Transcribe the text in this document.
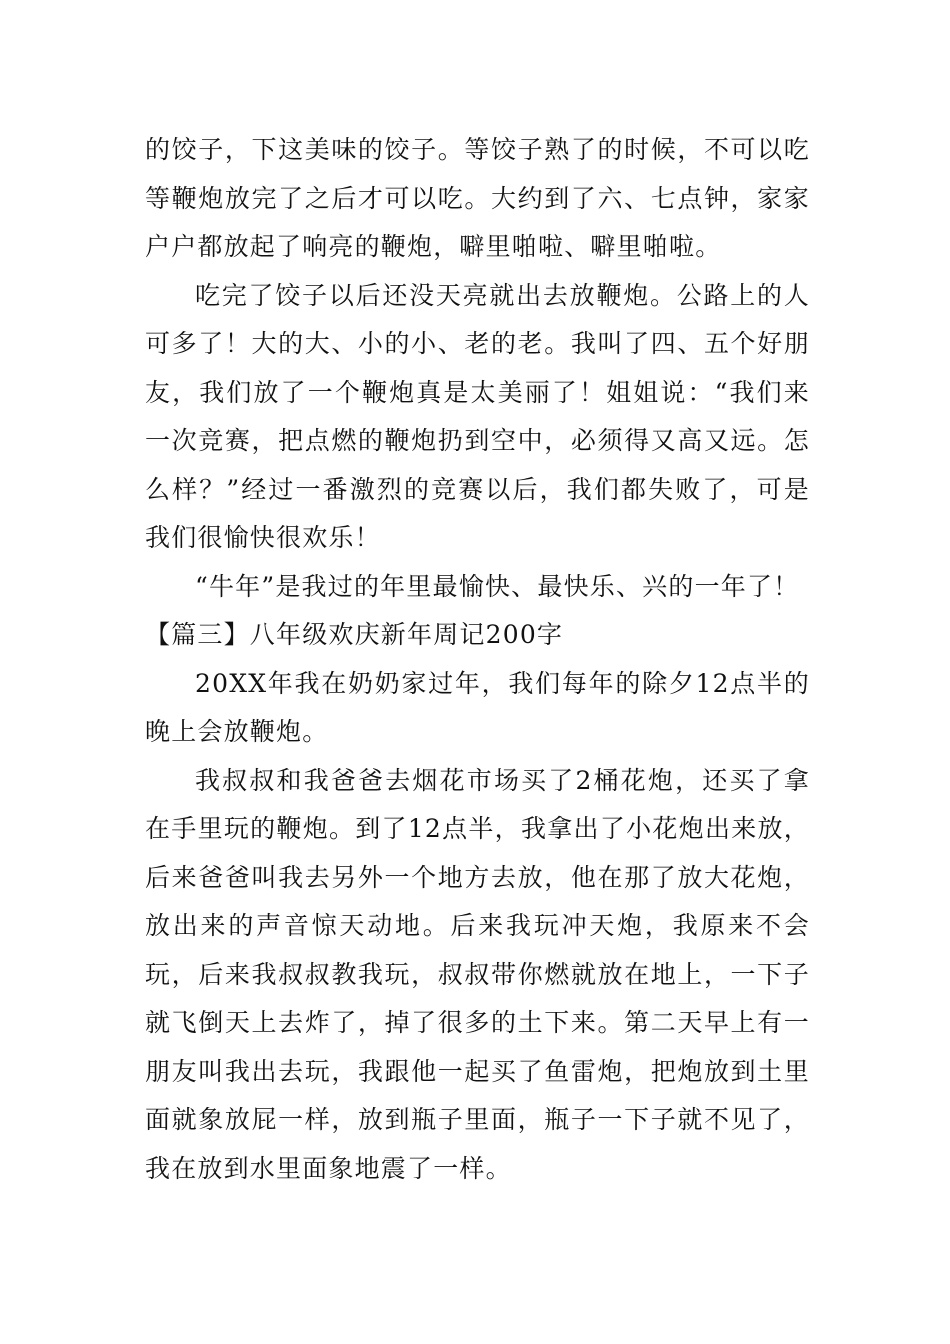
的饺子，下这美味的饺子。等饺子熟了的时候，不可以吃等鞭炮放完了之后才可以吃。大约到了六、七点钟，家家户户都放起了响亮的鞭炮，噼里啪啦、噼里啪啦。

吃完了饺子以后还没天亮就出去放鞭炮。公路上的人可多了！大的大、小的小、老的老。我叫了四、五个好朋友，我们放了一个鞭炮真是太美丽了！姐姐说：“我们来一次竞赛，把点燃的鞭炮扔到空中，必须得又高又远。怎么样？”经过一番激烈的竞赛以后，我们都失败了，可是我们很愉快很欢乐！

“牛年”是我过的年里最愉快、最快乐、兴的一年了！

【篇三】八年级欢庆新年周记200字

20XX年我在奶奶家过年，我们每年的除夕12点半的晚上会放鞭炮。

我叔叔和我爸爸去烟花市场买了2桶花炮，还买了拿在手里玩的鞭炮。到了12点半，我拿出了小花炮出来放，后来爸爸叫我去另外一个地方去放，他在那了放大花炮，放出来的声音惊天动地。后来我玩冲天炮，我原来不会玩，后来我叔叔教我玩，叔叔带你燃就放在地上，一下子就飞倒天上去炸了，掉了很多的土下来。第二天早上有一朋友叫我出去玩，我跟他一起买了鱼雷炮，把炮放到土里面就象放屁一样，放到瓶子里面，瓶子一下子就不见了，我在放到水里面象地震了一样。
